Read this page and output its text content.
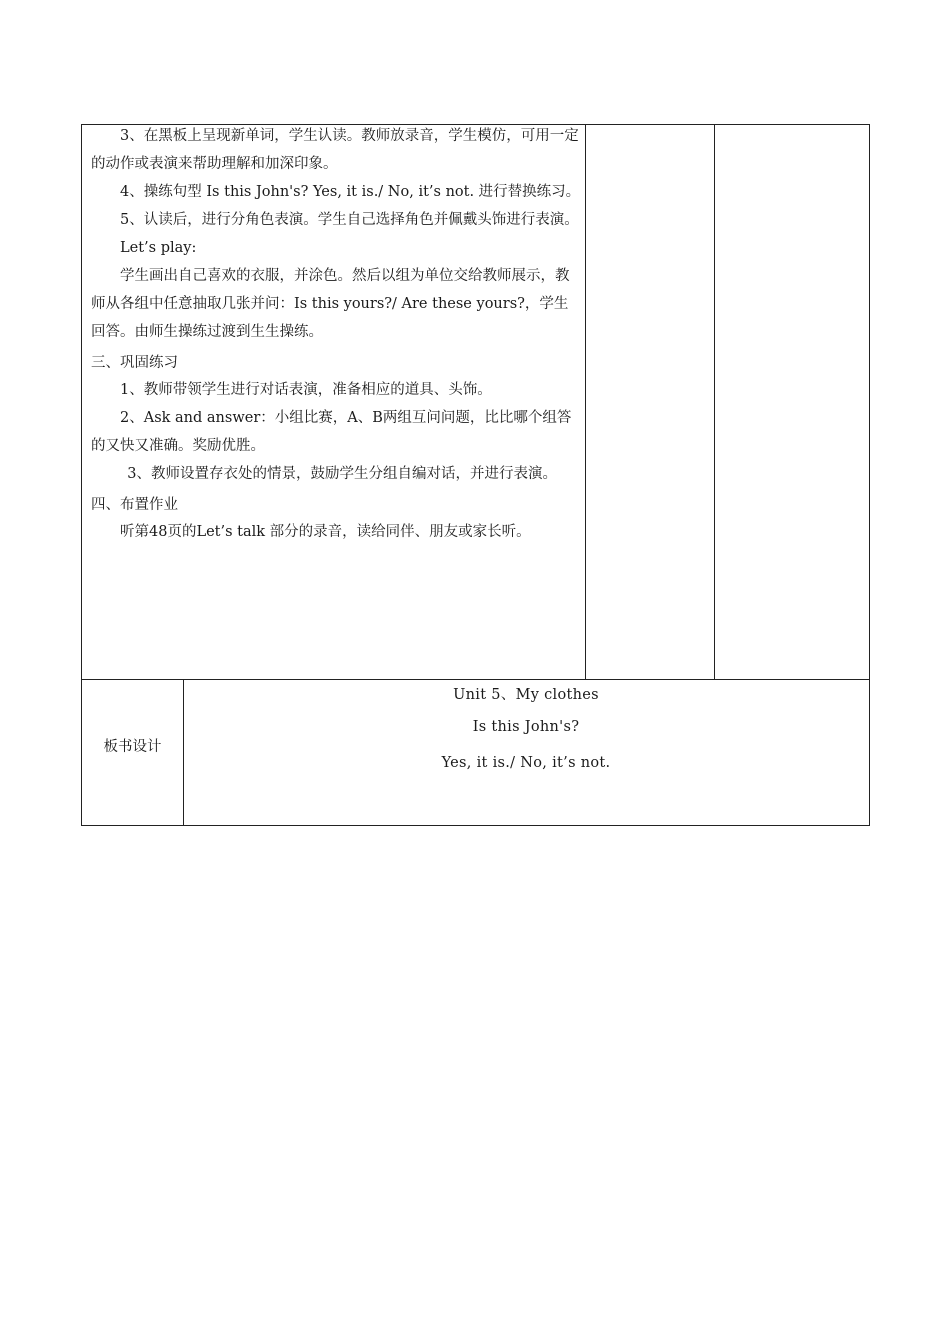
3、在黑板上呈现新单词，学生认读。教师放录音，学生模仿，可用一定的动作或表演来帮助理解和加深印象。

4、操练句型 Is this John's? Yes, it is./ No, it’s not. 进行替换练习。

5、认读后，进行分角色表演。学生自己选择角色并佩戴头饰进行表演。

Let’s play:

学生画出自己喜欢的衣服，并涂色。然后以组为单位交给教师展示，教师从各组中任意抽取几张并问：Is this yours?/ Are these yours?，学生回答。由师生操练过渡到生生操练。

三、巩固练习

1、教师带领学生进行对话表演，准备相应的道具、头饰。

2、Ask and answer：小组比赛，A、B两组互问问题，比比哪个组答的又快又准确。奖励优胜。

3、教师设置存衣处的情景，鼓励学生分组自编对话，并进行表演。

四、布置作业

听第48页的Let’s talk 部分的录音，读给同伴、朋友或家长听。

板书设计
Unit 5、My clothes
Is this John's?
Yes, it is./ No, it’s not.
